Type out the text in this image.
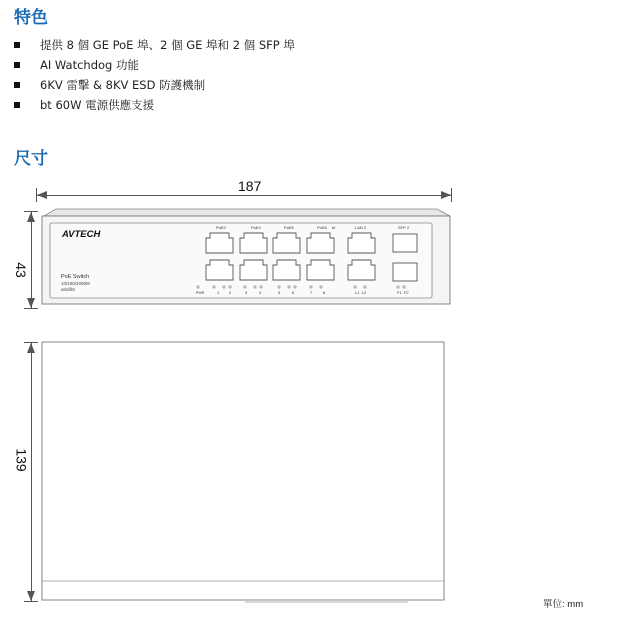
特色
提供 8 個 GE PoE 埠、2 個 GE 埠和 2 個 SFP 埠
AI Watchdog 功能
6KV 雷擊 & 8KV ESD 防護機制
bt 60W 電源供應支援
尺寸
187
43
AVTECH
PoE Switch
10/100/1000M
at/af/bt
PoE2	PoE4	PoE6	PoE8 bt	LAN 2	SFP 2
PWR	1 2	3	4	5	6	7	8	L1  L2	F1  F2
139
單位: mm
